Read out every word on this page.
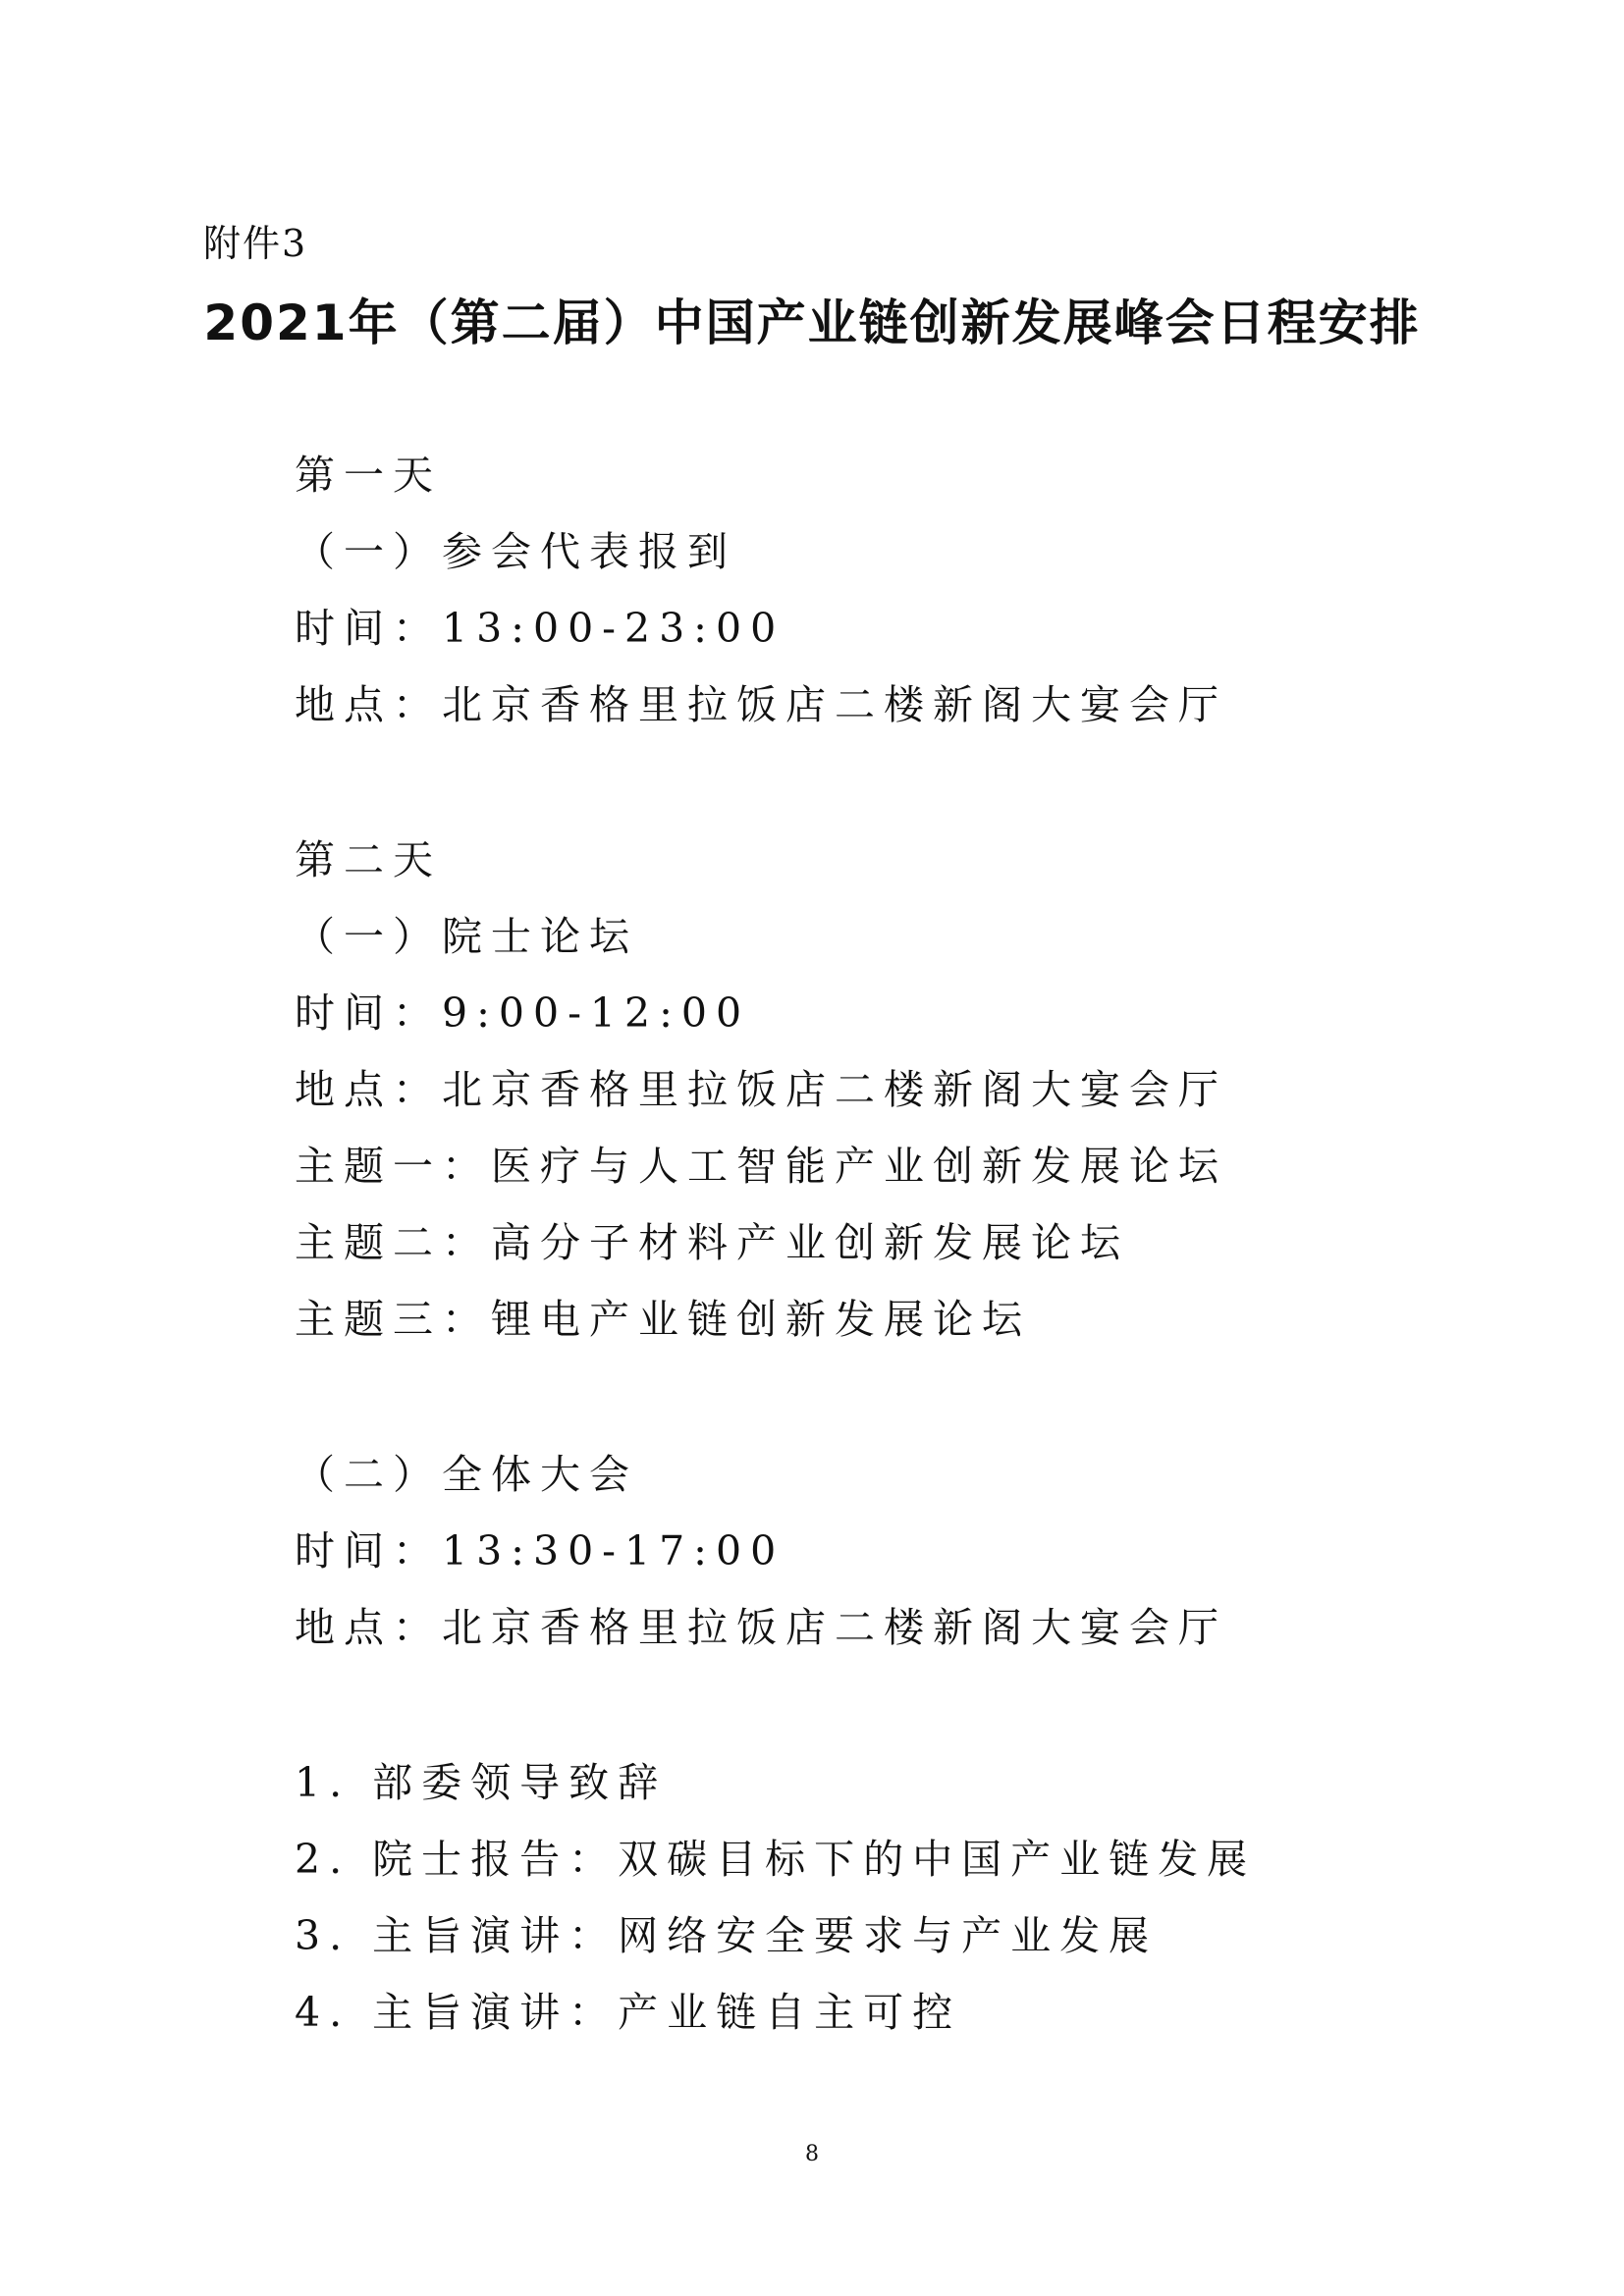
附件3
2021年（第二届）中国产业链创新发展峰会日程安排
第一天
（一）参会代表报到
时间：13:00-23:00
地点：北京香格里拉饭店二楼新阁大宴会厅
第二天
（一）院士论坛
时间：9:00-12:00
地点：北京香格里拉饭店二楼新阁大宴会厅
主题一：医疗与人工智能产业创新发展论坛
主题二：高分子材料产业创新发展论坛
主题三：锂电产业链创新发展论坛
（二）全体大会
时间：13:30-17:00
地点：北京香格里拉饭店二楼新阁大宴会厅
1. 部委领导致辞
2. 院士报告：双碳目标下的中国产业链发展
3. 主旨演讲：网络安全要求与产业发展
4. 主旨演讲：产业链自主可控
8
